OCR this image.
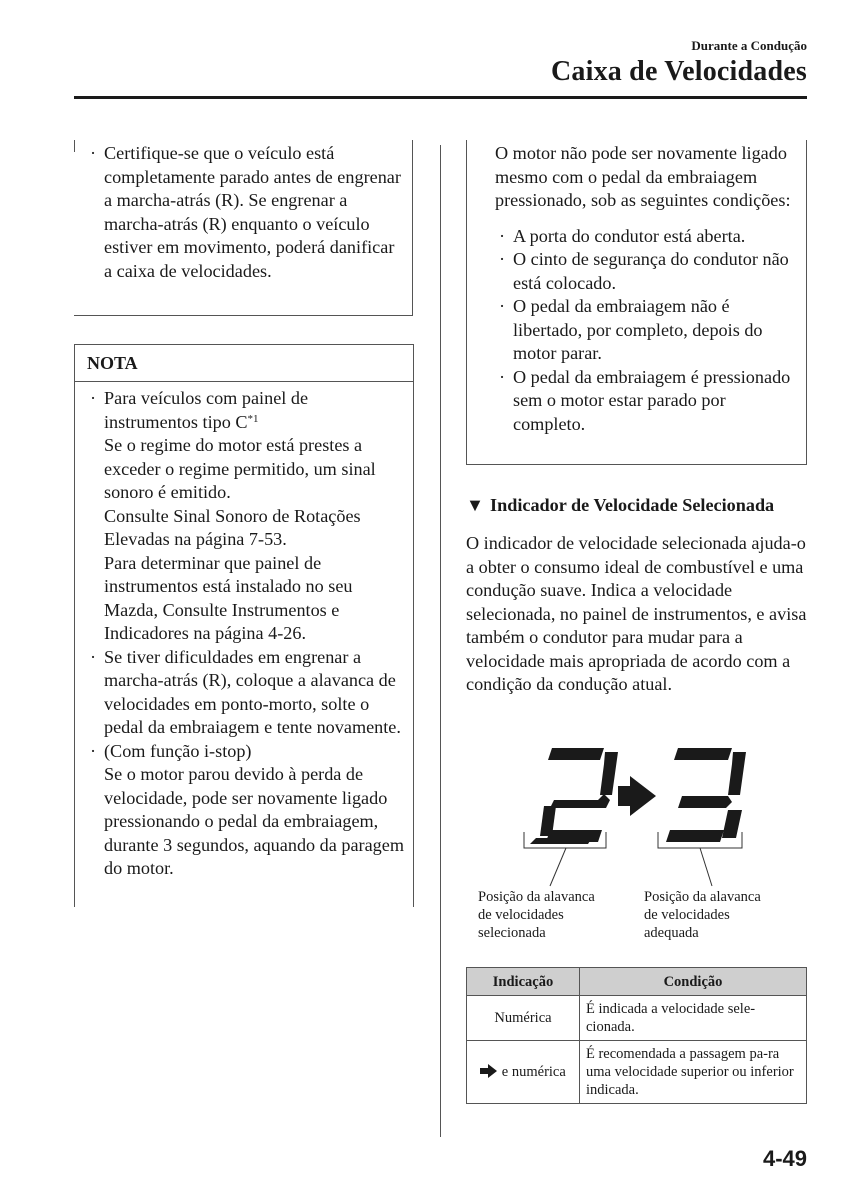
Durante a Condução
Caixa de Velocidades
· Certifique-se que o veículo está completamente parado antes de engrenar a marcha-atrás (R). Se engrenar a marcha-atrás (R) enquanto o veículo estiver em movimento, poderá danificar a caixa de velocidades.
NOTA
· Para veículos com painel de instrumentos tipo $C^{*1}$
Se o regime do motor está prestes a exceder o regime permitido, um sinal sonoro é emitido.
Consulte Sinal Sonoro de Rotações Elevadas na página 7-53.
Para determinar que painel de instrumentos está instalado no seu Mazda, Consulte Instrumentos e Indicadores na página 4-26.
· Se tiver dificuldades em engrenar a marcha-atrás (R), coloque a alavanca de velocidades em ponto-morto, solte o pedal da embraiagem e tente novamente.
· (Com função i-stop)
Se o motor parou devido à perda de velocidade, pode ser novamente ligado pressionando o pedal da embraiagem, durante 3 segundos, aquando da paragem do motor.
O motor não pode ser novamente ligado mesmo com o pedal da embraiagem pressionado, sob as seguintes condições:
· A porta do condutor está aberta.
· O cinto de segurança do condutor não está colocado.
· O pedal da embraiagem não é libertado, por completo, depois do motor parar.
· O pedal da embraiagem é pressionado sem o motor estar parado por completo.
▼ Indicador de Velocidade Selecionada
O indicador de velocidade selecionada ajuda-o a obter o consumo ideal de combustível e uma condução suave. Indica a velocidade selecionada, no painel de instrumentos, e avisa também o condutor para mudar para a velocidade mais apropriada de acordo com a condição da condução atual.
Posição da alavanca
de velocidades
selecionada
Posição da alavanca
de velocidades
adequada
Indicação	Condição
Numérica	É indicada a velocidade sele-cionada.
e numérica	É recomendada a passagem pa-ra uma velocidade superior ou inferior indicada.
4-49
